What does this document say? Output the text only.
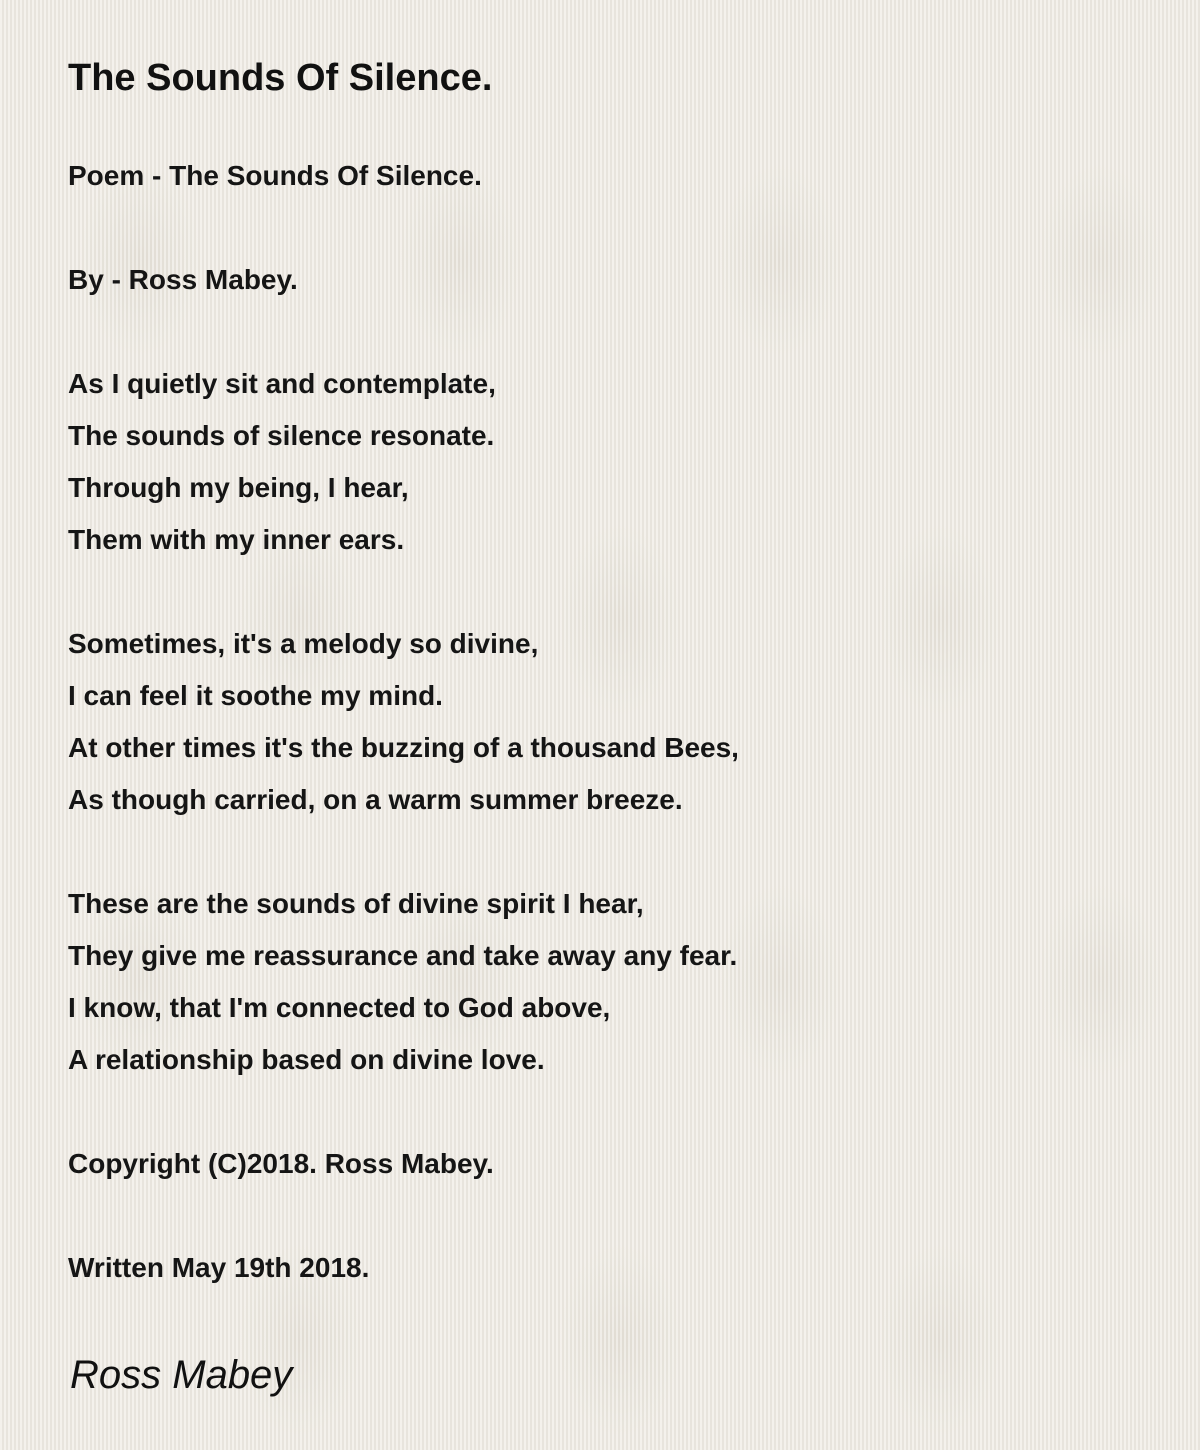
The Sounds Of Silence.
Poem - The Sounds Of Silence.
By - Ross Mabey.
As I quietly sit and contemplate,
The sounds of silence resonate.
Through my being, I hear,
Them with my inner ears.
Sometimes, it's a melody so divine,
I can feel it soothe my mind.
At other times it's the buzzing of a thousand Bees,
As though carried, on a warm summer breeze.
These are the sounds of divine spirit I hear,
They give me reassurance and take away any fear.
I know, that I'm connected to God above,
A relationship based on divine love.
Copyright (C)2018. Ross Mabey.
Written May 19th 2018.
Ross Mabey
